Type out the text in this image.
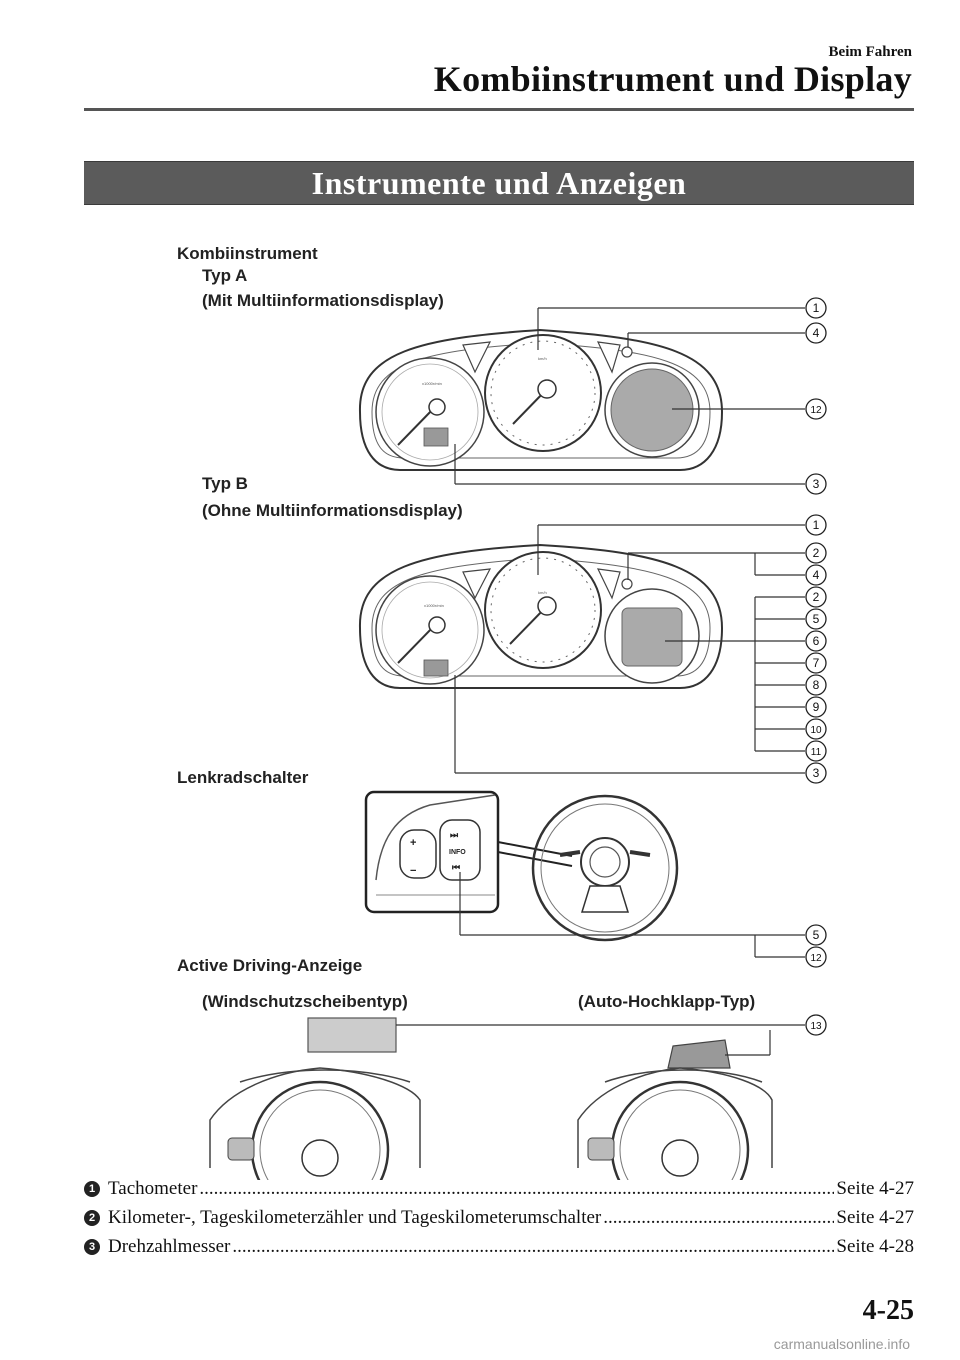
Beim Fahren
Kombiinstrument und Display
Instrumente und Anzeigen
Kombiinstrument
Typ A
(Mit Multiinformationsdisplay)
Typ B
(Ohne Multiinformationsdisplay)
Lenkradschalter
Active Driving-Anzeige
(Windschutzscheibentyp)	(Auto-Hochklapp-Typ)
x1000r/min
km/h
x1000r/min
km/h
+
−
⏭
INFO
⏮
1
4
12
3
1
2
4
2
5
6
7
8
9
10
11
3
5
12
13
1 Tachometer .....	Seite 4-27
2 Kilometer-, Tageskilometerzähler und Tageskilometerumschalter .....	Seite 4-27
3 Drehzahlmesser .....	Seite 4-28
4-25
carmanualsonline.info
